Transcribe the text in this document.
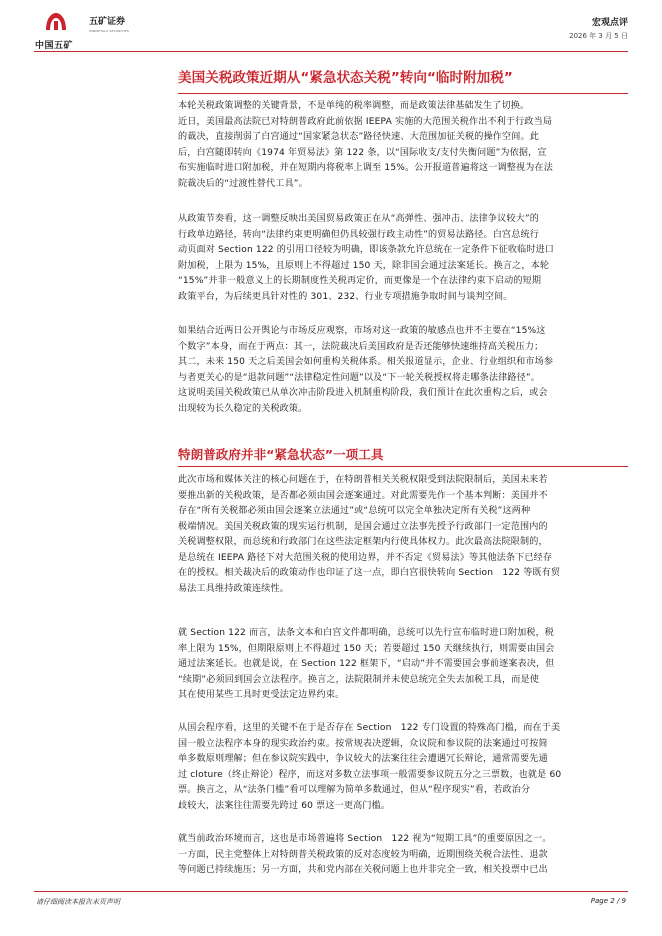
中国五矿
五矿证券
MINMETALS SECURITIES
宏观点评
2026 年 3 月 5 日
美国关税政策近期从“紧急状态关税”转向“临时附加税”
本轮关税政策调整的关键背景，不是单纯的税率调整，而是政策法律基础发生了切换。
近日，美国最高法院已对特朗普政府此前依据 IEEPA 实施的大范围关税作出不利于行政当局
的裁决，直接削弱了白宫通过“国家紧急状态”路径快速、大范围加征关税的操作空间。此
后，白宫随即转向《1974 年贸易法》第 122 条，以“国际收支/支付失衡问题”为依据，宣
布实施临时进口附加税，并在短期内将税率上调至 15%。公开报道普遍将这一调整视为在法
院裁决后的“过渡性替代工具”。
从政策节奏看，这一调整反映出美国贸易政策正在从“高弹性、强冲击、法律争议较大”的
行政单边路径，转向“法律约束更明确但仍具较强行政主动性”的贸易法路径。白宫总统行
动页面对 Section 122 的引用口径较为明确，即该条款允许总统在一定条件下征收临时进口
附加税，上限为 15%，且原则上不得超过 150 天，除非国会通过法案延长。换言之，本轮
“15%”并非一般意义上的长期制度性关税再定价，而更像是一个在法律约束下启动的短期
政策平台，为后续更具针对性的 301、232、行业专项措施争取时间与谈判空间。
如果结合近两日公开舆论与市场反应观察，市场对这一政策的敏感点也并不主要在“15%这
个数字”本身，而在于两点：其一，法院裁决后美国政府是否还能够快速维持高关税压力；
其二，未来 150 天之后美国会如何重构关税体系。相关报道显示，企业、行业组织和市场参
与者更关心的是“退款问题”“法律稳定性问题”以及“下一轮关税授权将走哪条法律路径”。
这说明美国关税政策已从单次冲击阶段进入机制重构阶段，我们预计在此次重构之后，或会
出现较为长久稳定的关税政策。
特朗普政府并非“紧急状态”一项工具
此次市场和媒体关注的核心问题在于，在特朗普相关关税权限受到法院限制后，美国未来若
要推出新的关税政策，是否都必须由国会逐案通过。对此需要先作一个基本判断：美国并不
存在“所有关税都必须由国会逐案立法通过”或“总统可以完全单独决定所有关税”这两种
极端情况。美国关税政策的现实运行机制，是国会通过立法事先授予行政部门一定范围内的
关税调整权限，而总统和行政部门在这些法定框架内行使具体权力。此次最高法院限制的，
是总统在 IEEPA 路径下对大范围关税的使用边界，并不否定《贸易法》等其他法条下已经存
在的授权。相关裁决后的政策动作也印证了这一点，即白宫很快转向 Section　122 等既有贸
易法工具维持政策连续性。
就 Section 122 而言，法条文本和白宫文件都明确，总统可以先行宣布临时进口附加税，税
率上限为 15%，但期限原则上不得超过 150 天；若要超过 150 天继续执行，则需要由国会
通过法案延长。也就是说，在 Section 122 框架下，“启动”并不需要国会事前逐案表决，但
“续期”必须回到国会立法程序。换言之，法院限制并未使总统完全失去加税工具，而是使
其在使用某些工具时更受法定边界约束。
从国会程序看，这里的关键不在于是否存在 Section　122 专门设置的特殊高门槛，而在于美
国一般立法程序本身的现实政治约束。按常规表决逻辑，众议院和参议院的法案通过可按简
单多数原则理解；但在参议院实践中，争议较大的法案往往会遭遇冗长辩论，通常需要先通
过 cloture（终止辩论）程序，而这对多数立法事项一般需要参议院五分之三票数，也就是 60
票。换言之，从“法条门槛”看可以理解为简单多数通过，但从“程序现实”看，若政治分
歧较大，法案往往需要先跨过 60 票这一更高门槛。
就当前政治环境而言，这也是市场普遍将 Section　122 视为“短期工具”的重要原因之一。
一方面，民主党整体上对特朗普关税政策的反对态度较为明确，近期围绕关税合法性、退款
等问题已持续施压；另一方面，共和党内部在关税问题上也并非完全一致，相关投票中已出
请仔细阅读本报告末页声明	Page 2 / 9
